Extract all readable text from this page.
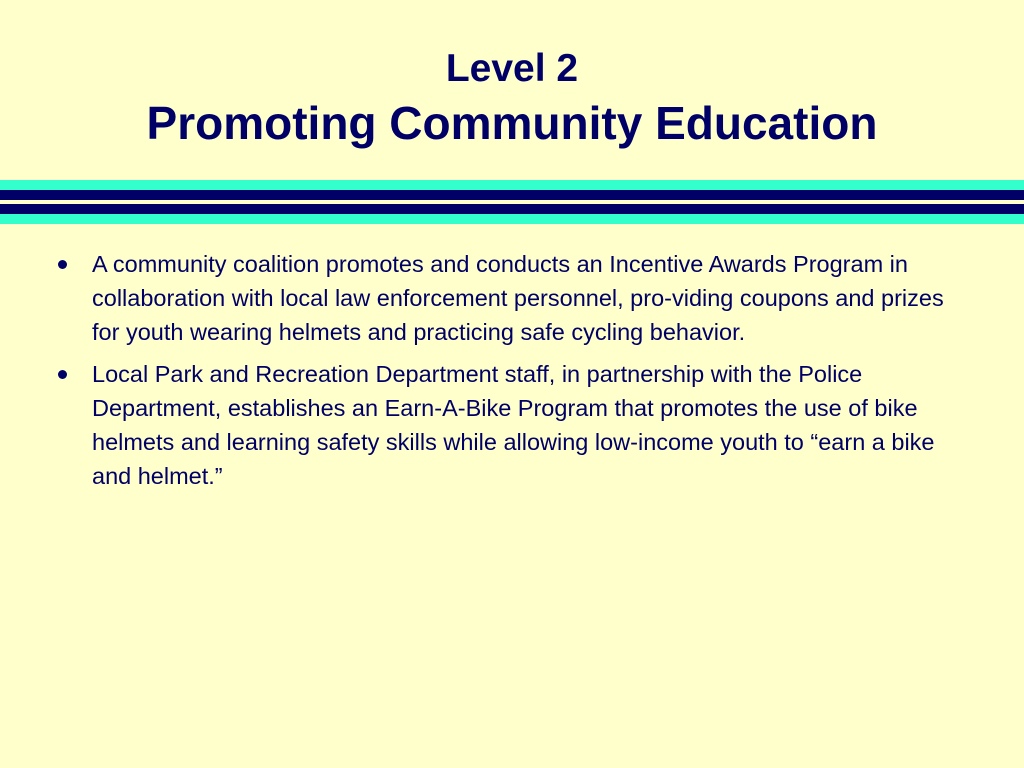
Level 2
Promoting Community Education
A community coalition promotes and conducts an Incentive Awards Program in collaboration with local law enforcement personnel, pro-viding coupons and prizes for youth wearing helmets and practicing safe cycling behavior.
Local Park and Recreation Department staff, in partnership with the Police Department, establishes an Earn-A-Bike Program that promotes the use of bike helmets and learning safety skills while allowing low-income youth to “earn a bike and helmet.”
